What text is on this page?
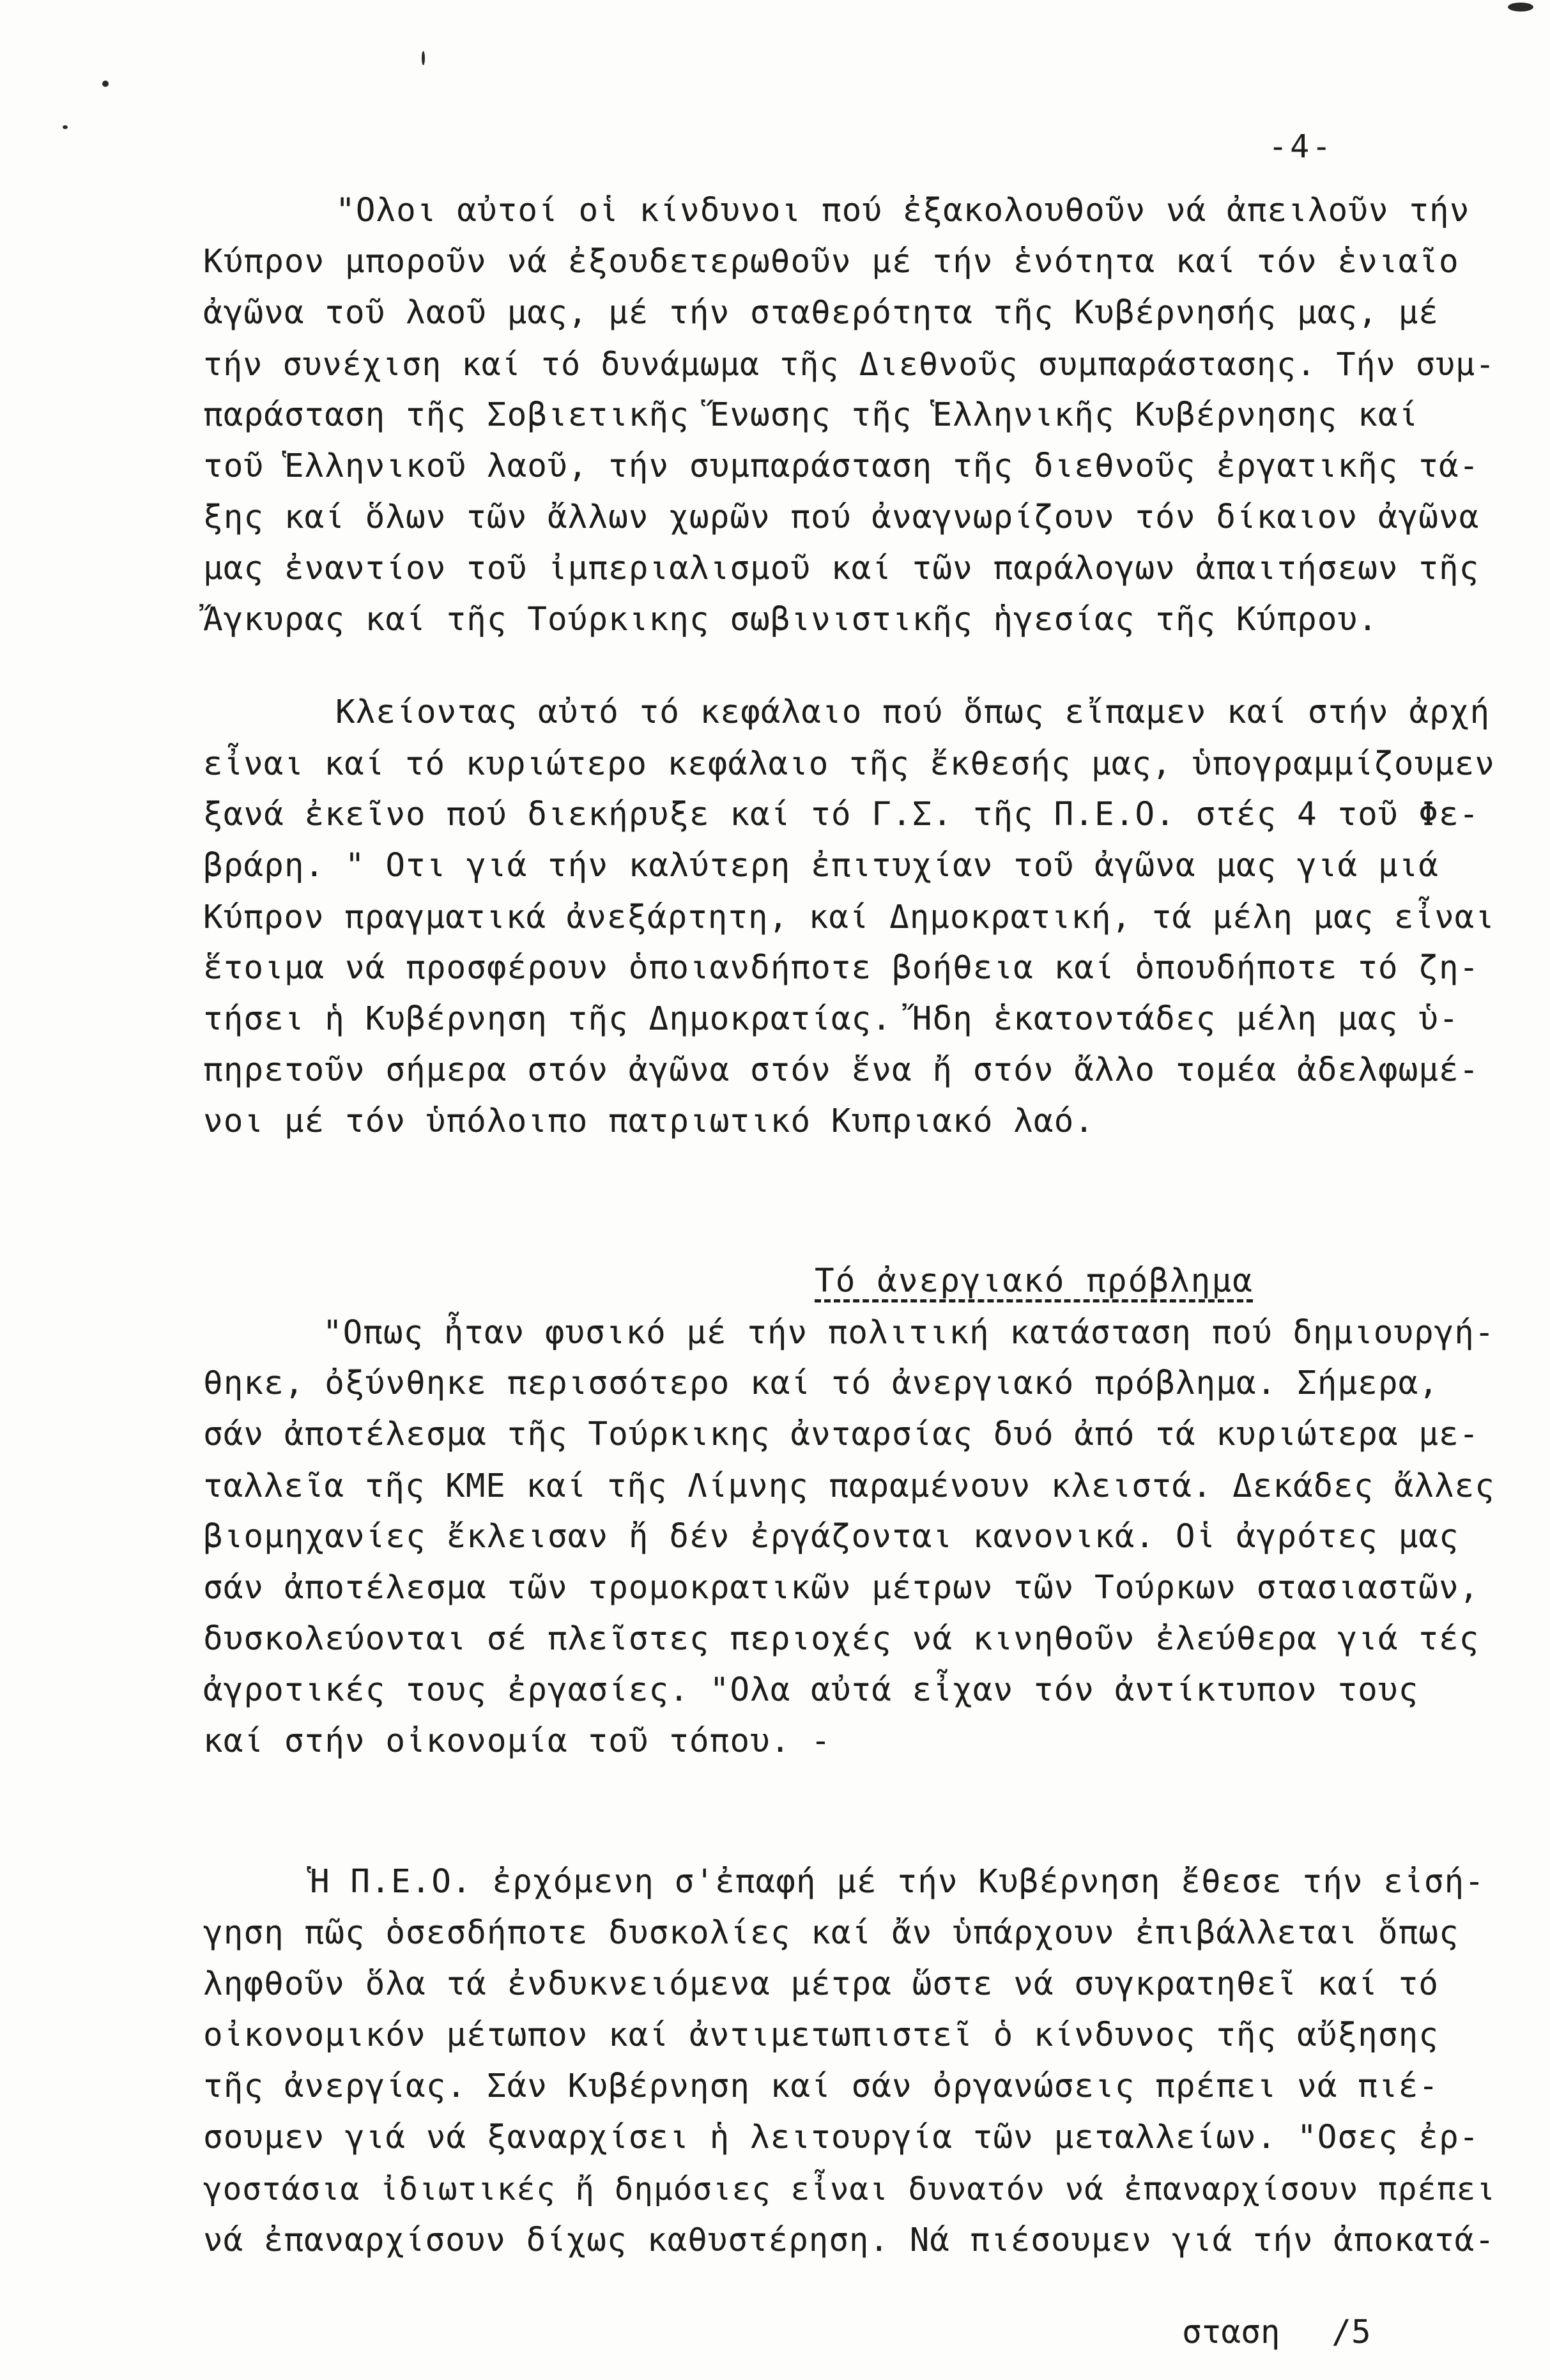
-4-

"Ολοι αὐτοί οἱ κίνδυνοι πού ἐξακολουθοῦν νά ἀπειλοῦν τήν

Κύπρον μποροῦν νά ἐξουδετερωθοῦν μέ τήν ἑνότητα καί τόν ἑνιαῖο

ἀγῶνα τοῦ λαοῦ μας, μέ τήν σταθερότητα τῆς Κυβέρνησής μας, μέ

τήν συνέχιση καί τό δυνάμωμα τῆς Διεθνοῦς συμπαράστασης. Τήν συμ-

παράσταση τῆς Σοβιετικῆς Ἕνωσης τῆς Ἑλληνικῆς Κυβέρνησης καί

τοῦ Ἑλληνικοῦ λαοῦ, τήν συμπαράσταση τῆς διεθνοῦς ἐργατικῆς τά-

ξης καί ὅλων τῶν ἄλλων χωρῶν πού ἀναγνωρίζουν τόν δίκαιον ἀγῶνα

μας ἐναντίον τοῦ ἰμπεριαλισμοῦ καί τῶν παράλογων ἀπαιτήσεων τῆς

Ἄγκυρας καί τῆς Τούρκικης σωβινιστικῆς ἡγεσίας τῆς Κύπρου.

Κλείοντας αὐτό τό κεφάλαιο πού ὅπως εἴπαμεν καί στήν ἀρχή

εἶναι καί τό κυριώτερο κεφάλαιο τῆς ἔκθεσής μας, ὑπογραμμίζουμεν

ξανά ἐκεῖνο πού διεκήρυξε καί τό Γ.Σ. τῆς Π.Ε.Ο. στές 4 τοῦ Φε-

βράρη. " Οτι γιά τήν καλύτερη ἐπιτυχίαν τοῦ ἀγῶνα μας γιά μιά

Κύπρον πραγματικά ἀνεξάρτητη, καί Δημοκρατική, τά μέλη μας εἶναι

ἕτοιμα νά προσφέρουν ὁποιανδήποτε βοήθεια καί ὁπουδήποτε τό ζη-

τήσει ἡ Κυβέρνηση τῆς Δημοκρατίας. Ἤδη ἑκατοντάδες μέλη μας ὑ-

πηρετοῦν σήμερα στόν ἀγῶνα στόν ἕνα ἤ στόν ἄλλο τομέα ἀδελφωμέ-

νοι μέ τόν ὑπόλοιπο πατριωτικό Κυπριακό λαό.

Τό ἀνεργιακό πρόβλημα

"Οπως ἦταν φυσικό μέ τήν πολιτική κατάσταση πού δημιουργή-

θηκε, ὀξύνθηκε περισσότερο καί τό ἀνεργιακό πρόβλημα. Σήμερα,

σάν ἀποτέλεσμα τῆς Τούρκικης ἀνταρσίας δυό ἀπό τά κυριώτερα με-

ταλλεῖα τῆς ΚΜΕ καί τῆς Λίμνης παραμένουν κλειστά. Δεκάδες ἄλλες

βιομηχανίες ἔκλεισαν ἤ δέν ἐργάζονται κανονικά. Οἱ ἀγρότες μας

σάν ἀποτέλεσμα τῶν τρομοκρατικῶν μέτρων τῶν Τούρκων στασιαστῶν,

δυσκολεύονται σέ πλεῖστες περιοχές νά κινηθοῦν ἐλεύθερα γιά τές

ἀγροτικές τους ἐργασίες. "Ολα αὐτά εἶχαν τόν ἀντίκτυπον τους

καί στήν οἰκονομία τοῦ τόπου. -

Ἡ Π.Ε.Ο. ἐρχόμενη σ'ἐπαφή μέ τήν Κυβέρνηση ἔθεσε τήν εἰσή-

γηση πῶς ὁσεσδήποτε δυσκολίες καί ἄν ὑπάρχουν ἐπιβάλλεται ὅπως

ληφθοῦν ὅλα τά ἐνδυκνειόμενα μέτρα ὥστε νά συγκρατηθεῖ καί τό

οἰκονομικόν μέτωπον καί ἀντιμετωπιστεῖ ὁ κίνδυνος τῆς αὔξησης

τῆς ἀνεργίας. Σάν Κυβέρνηση καί σάν ὀργανώσεις πρέπει νά πιέ-

σουμεν γιά νά ξαναρχίσει ἡ λειτουργία τῶν μεταλλείων. "Οσες ἐρ-

γοστάσια ἰδιωτικές ἤ δημόσιες εἶναι δυνατόν νά ἐπαναρχίσουν πρέπει

νά ἐπαναρχίσουν δίχως καθυστέρηση. Νά πιέσουμεν γιά τήν ἀποκατά-

σταση /5
